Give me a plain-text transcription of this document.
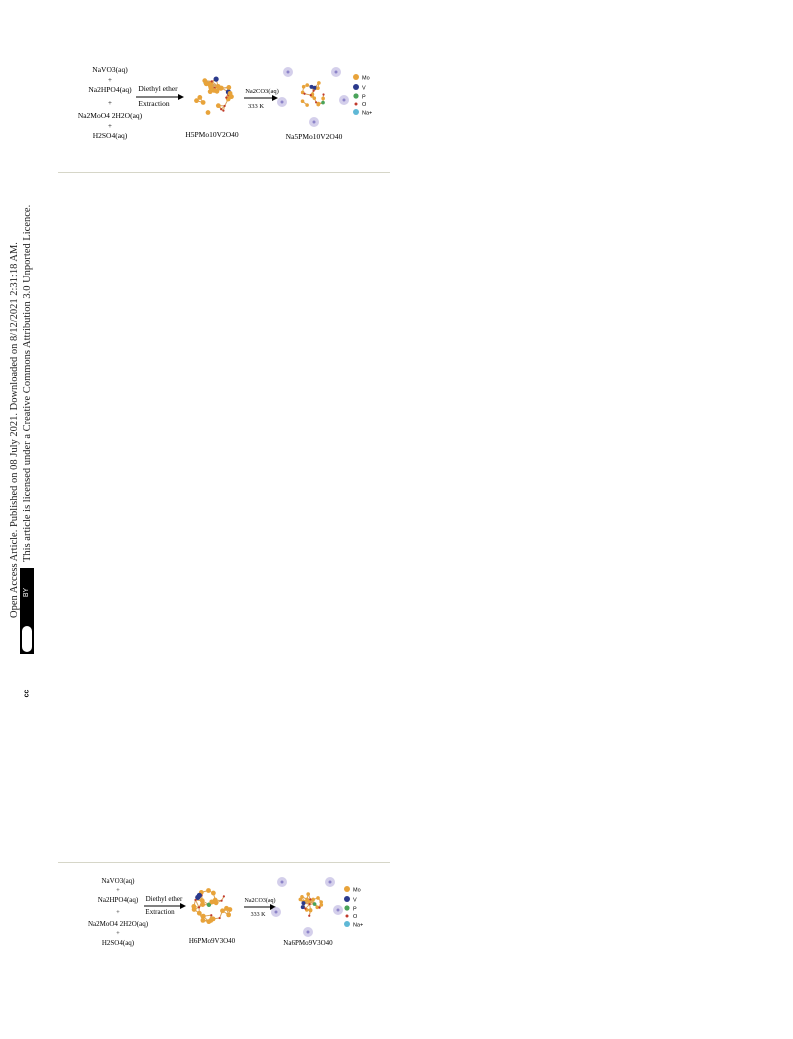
NaVO3(aq)
+
Na2HPO4(aq)
+
Na2MoO4 2H2O(aq)
+
H2SO4(aq)
Diethyl ether
Extraction
H5PMo10V2O40
Na2CO3(aq)
333 K
Na5PMo10V2O40
Mo
V
P
O
Na+
NaVO3(aq)
+
Na2HPO4(aq)
+
Na2MoO4 2H2O(aq)
+
H2SO4(aq)
Diethyl ether
Extraction
H6PMo9V3O40
Na2CO3(aq)
333 K
Na6PMo9V3O40
Mo
V
P
O
Na+
Open Access Article. Published on 08 July 2021. Downloaded on 8/12/2021 2:31:18 AM. This article is licensed under a Creative Commons Attribution 3.0 Unported Licence.
BY
cc
